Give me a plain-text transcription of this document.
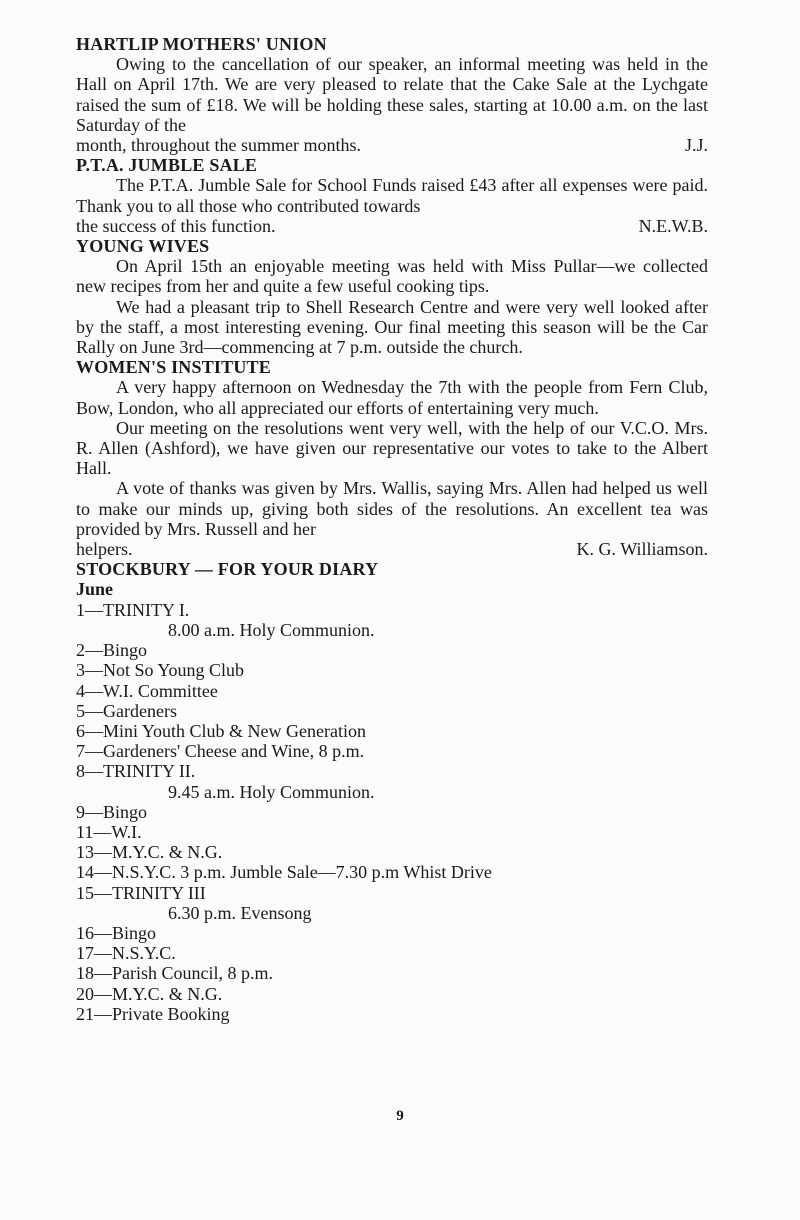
HARTLIP MOTHERS' UNION

Owing to the cancellation of our speaker, an informal meeting was held in the Hall on April 17th. We are very pleased to relate that the Cake Sale at the Lychgate raised the sum of £18. We will be holding these sales, starting at 10.00 a.m. on the last Saturday of the

month, throughout the summer months.	J.J.
P.T.A. JUMBLE SALE

The P.T.A. Jumble Sale for School Funds raised £43 after all expenses were paid. Thank you to all those who contributed towards

the success of this function.	N.E.W.B.
YOUNG WIVES

On April 15th an enjoyable meeting was held with Miss Pullar—we collected new recipes from her and quite a few useful cooking tips.

We had a pleasant trip to Shell Research Centre and were very well looked after by the staff, a most interesting evening. Our final meeting this season will be the Car Rally on June 3rd—commencing at 7 p.m. outside the church.

WOMEN'S INSTITUTE

A very happy afternoon on Wednesday the 7th with the people from Fern Club, Bow, London, who all appreciated our efforts of entertaining very much.

Our meeting on the resolutions went very well, with the help of our V.C.O. Mrs. R. Allen (Ashford), we have given our representative our votes to take to the Albert Hall.

A vote of thanks was given by Mrs. Wallis, saying Mrs. Allen had helped us well to make our minds up, giving both sides of the resolutions. An excellent tea was provided by Mrs. Russell and her

helpers.	K. G. Williamson.
STOCKBURY — FOR YOUR DIARY
June
1—TRINITY I.
8.00 a.m. Holy Communion.
2—Bingo
3—Not So Young Club
4—W.I. Committee
5—Gardeners
6—Mini Youth Club & New Generation
7—Gardeners' Cheese and Wine, 8 p.m.
8—TRINITY II.
9.45 a.m. Holy Communion.
9—Bingo
11—W.I.
13—M.Y.C. & N.G.
14—N.S.Y.C. 3 p.m. Jumble Sale—7.30 p.m Whist Drive
15—TRINITY III
6.30 p.m. Evensong
16—Bingo
17—N.S.Y.C.
18—Parish Council, 8 p.m.
20—M.Y.C. & N.G.
21—Private Booking
9
